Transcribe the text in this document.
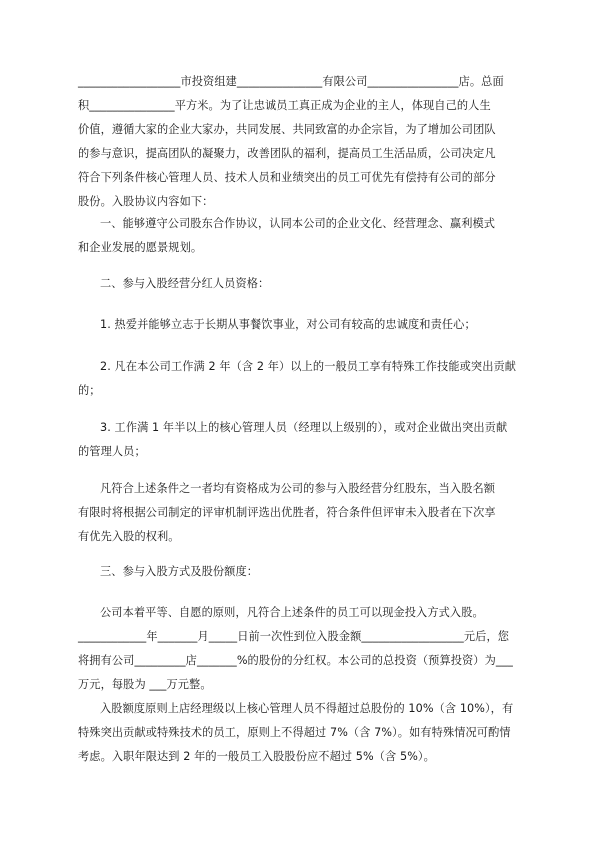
__________________市投资组建_______________有限公司________________店。总面

积_______________平方米。为了让忠诚员工真正成为企业的主人，体现自己的人生

价值，遵循大家的企业大家办，共同发展、共同致富的办企宗旨，为了增加公司团队

的参与意识，提高团队的凝聚力，改善团队的福利，提高员工生活品质，公司决定凡

符合下列条件核心管理人员、技术人员和业绩突出的员工可优先有偿持有公司的部分

股份。入股协议内容如下：

一、能够遵守公司股东合作协议，认同本公司的企业文化、经营理念、赢利模式

和企业发展的愿景规划。

二、参与入股经营分红人员资格：

1. 热爱并能够立志于长期从事餐饮事业，对公司有较高的忠诚度和责任心；

2. 凡在本公司工作满 2 年（含 2 年）以上的一般员工享有特殊工作技能或突出贡献

的；

3. 工作满 1 年半以上的核心管理人员（经理以上级别的），或对企业做出突出贡献

的管理人员；

凡符合上述条件之一者均有资格成为公司的参与入股经营分红股东，当入股名额

有限时将根据公司制定的评审机制评选出优胜者，符合条件但评审未入股者在下次享

有优先入股的权利。

三、参与入股方式及股份额度：

公司本着平等、自愿的原则，凡符合上述条件的员工可以现金投入方式入股。

____________年_______月_____日前一次性到位入股金额__________________元后，您

将拥有公司_________店_______%的股份的分红权。本公司的总投资（预算投资）为___

万元，每股为 ___万元整。

入股额度原则上店经理级以上核心管理人员不得超过总股份的 10%（含 10%），有

特殊突出贡献或特殊技术的员工，原则上不得超过 7%（含 7%）。如有特殊情况可酌情

考虑。入职年限达到 2 年的一般员工入股股份应不超过 5%（含 5%）。
